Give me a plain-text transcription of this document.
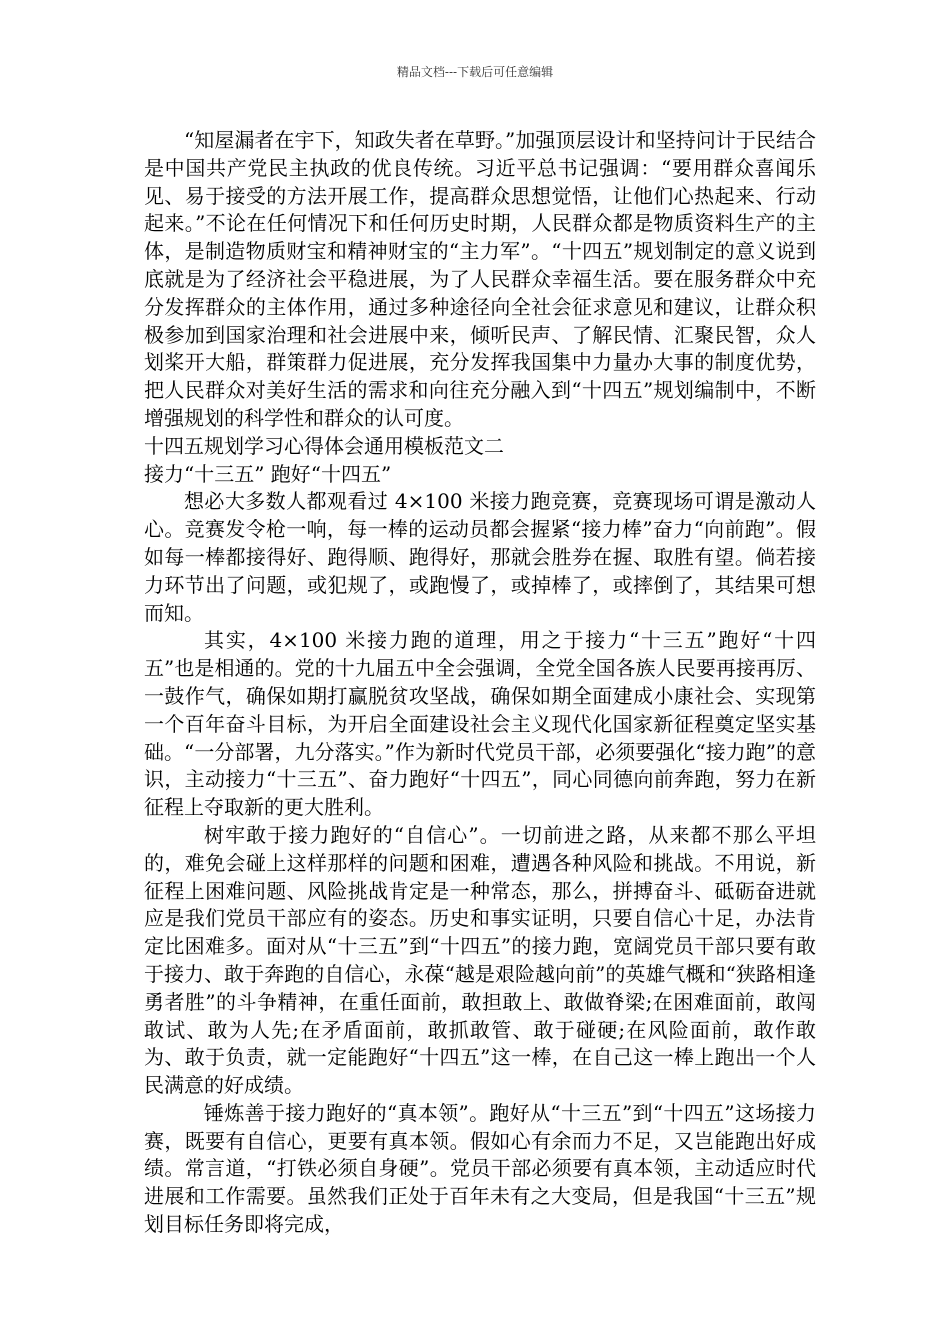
精品文档---下载后可任意编辑

“知屋漏者在宇下，知政失者在草野。”加强顶层设计和坚持问计于民结合是中国共产党民主执政的优良传统。习近平总书记强调：“要用群众喜闻乐见、易于接受的方法开展工作，提高群众思想觉悟，让他们心热起来、行动起来。”不论在任何情况下和任何历史时期，人民群众都是物质资料生产的主体，是制造物质财宝和精神财宝的“主力军”。“十四五”规划制定的意义说到底就是为了经济社会平稳进展，为了人民群众幸福生活。要在服务群众中充分发挥群众的主体作用，通过多种途径向全社会征求意见和建议，让群众积极参加到国家治理和社会进展中来，倾听民声、了解民情、汇聚民智，众人划桨开大船，群策群力促进展，充分发挥我国集中力量办大事的制度优势，把人民群众对美好生活的需求和向往充分融入到“十四五”规划编制中，不断增强规划的科学性和群众的认可度。

十四五规划学习心得体会通用模板范文二

接力“十三五” 跑好“十四五”

想必大多数人都观看过 4×100 米接力跑竞赛，竞赛现场可谓是激动人心。竞赛发令枪一响，每一棒的运动员都会握紧“接力棒”奋力“向前跑”。假如每一棒都接得好、跑得顺、跑得好，那就会胜券在握、取胜有望。倘若接力环节出了问题，或犯规了，或跑慢了，或掉棒了，或摔倒了，其结果可想而知。

其实，4×100 米接力跑的道理，用之于接力“十三五”跑好“十四五”也是相通的。党的十九届五中全会强调，全党全国各族人民要再接再厉、一鼓作气，确保如期打赢脱贫攻坚战，确保如期全面建成小康社会、实现第一个百年奋斗目标，为开启全面建设社会主义现代化国家新征程奠定坚实基础。“一分部署，九分落实。”作为新时代党员干部，必须要强化“接力跑”的意识，主动接力“十三五”、奋力跑好“十四五”，同心同德向前奔跑，努力在新征程上夺取新的更大胜利。

树牢敢于接力跑好的“自信心”。一切前进之路，从来都不那么平坦的，难免会碰上这样那样的问题和困难，遭遇各种风险和挑战。不用说，新征程上困难问题、风险挑战肯定是一种常态，那么，拼搏奋斗、砥砺奋进就应是我们党员干部应有的姿态。历史和事实证明，只要自信心十足，办法肯定比困难多。面对从“十三五”到“十四五”的接力跑，宽阔党员干部只要有敢于接力、敢于奔跑的自信心，永葆“越是艰险越向前”的英雄气概和“狭路相逢勇者胜”的斗争精神，在重任面前，敢担敢上、敢做脊梁;在困难面前，敢闯敢试、敢为人先;在矛盾面前，敢抓敢管、敢于碰硬;在风险面前，敢作敢为、敢于负责，就一定能跑好“十四五”这一棒，在自己这一棒上跑出一个人民满意的好成绩。

锤炼善于接力跑好的“真本领”。跑好从“十三五”到“十四五”这场接力赛，既要有自信心，更要有真本领。假如心有余而力不足，又岂能跑出好成绩。常言道，“打铁必须自身硬”。党员干部必须要有真本领，主动适应时代进展和工作需要。虽然我们正处于百年未有之大变局，但是我国“十三五”规划目标任务即将完成，
